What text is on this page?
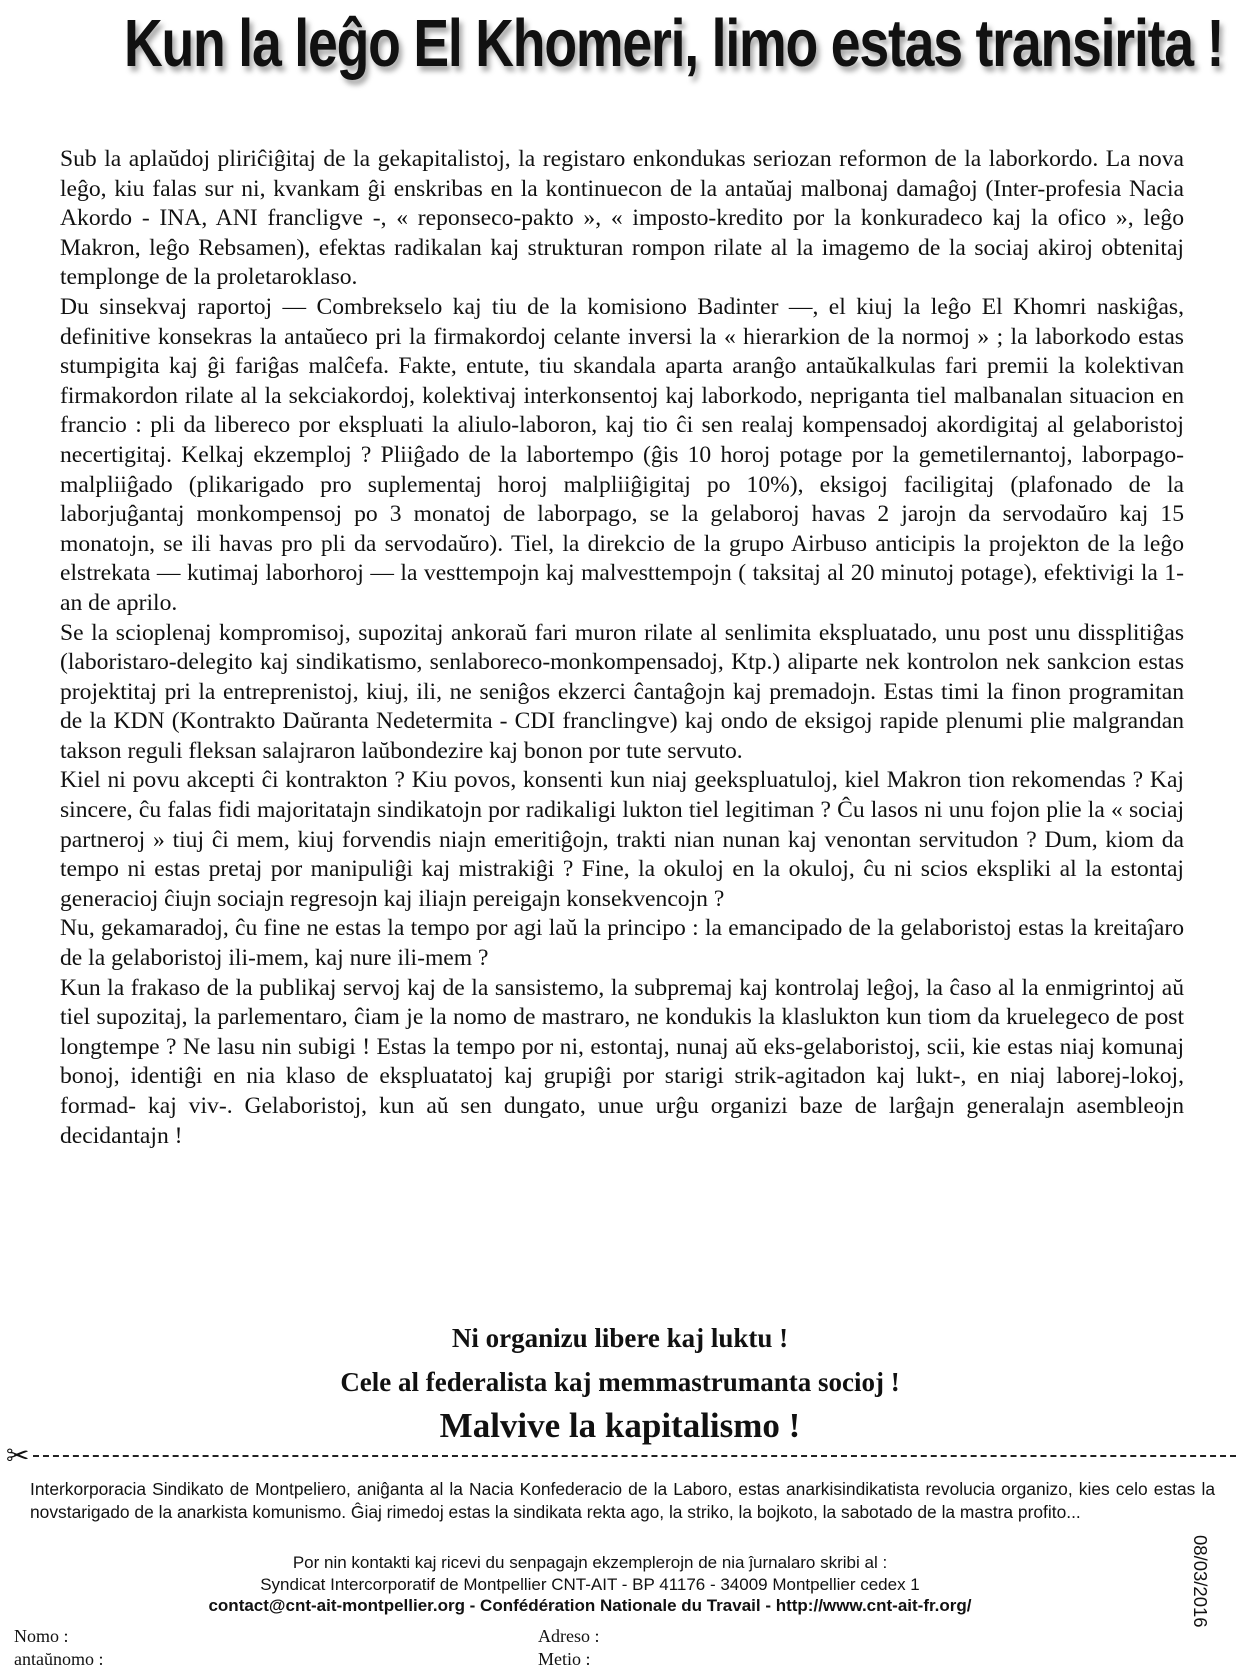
Kun la leĝo El Khomeri, limo estas transirita !

Sub la aplaŭdoj pliriĉiĝitaj de la gekapitalistoj, la registaro enkondukas seriozan reformon de la laborkordo. La nova leĝo, kiu falas sur ni, kvankam ĝi enskribas en la kontinuecon de la antaŭaj malbonaj damaĝoj (Inter-profesia Nacia Akordo - INA, ANI francligve -, « reponseco-pakto », « imposto-kredito por la konkuradeco kaj la ofico », leĝo Makron, leĝo Rebsamen), efektas radikalan kaj strukturan rompon rilate al la imagemo de la sociaj akiroj obtenitaj templonge de la proletaroklaso.

Du sinsekvaj raportoj — Combrekselo kaj tiu de la komisiono Badinter —, el kiuj la leĝo El Khomri naskiĝas, definitive konsekras la antaŭeco pri la firmakordoj celante inversi la « hierarkion de la normoj » ; la laborkodo estas stumpigita kaj ĝi fariĝas malĉefa. Fakte, entute, tiu skandala aparta aranĝo antaŭkalkulas fari premii la kolektivan firmakordon rilate al la sekciakordoj, kolektivaj interkonsentoj kaj laborkodo, nepriganta tiel malbanalan situacion en francio : pli da libereco por ekspluati la aliulo-laboron, kaj tio ĉi sen realaj kompensadoj akordigitaj al gelaboristoj necertigitaj. Kelkaj ekzemploj ? Pliiĝado de la labortempo (ĝis 10 horoj potage por la gemetilernantoj, laborpago-malpliiĝado (plikarigado pro suplementaj horoj malpliiĝigitaj po 10%), eksigoj faciligitaj (plafonado de la laborjuĝantaj monkompensoj po 3 monatoj de laborpago, se la gelaboroj havas 2 jarojn da servodaŭro kaj 15 monatojn, se ili havas pro pli da servodaŭro). Tiel, la direkcio de la grupo Airbuso anticipis la projekton de la leĝo elstrekata — kutimaj laborhoroj — la vesttempojn kaj malvesttempojn ( taksitaj al 20 minutoj potage), efektivigi la 1-an de aprilo.

Se la scioplenaj kompromisoj, supozitaj ankoraŭ fari muron rilate al senlimita ekspluatado, unu post unu dissplitiĝas (laboristaro-delegito kaj sindikatismo, senlaboreco-monkompensadoj, Ktp.) aliparte nek kontrolon nek sankcion estas projektitaj pri la entreprenistoj, kiuj, ili, ne seniĝos ekzerci ĉantaĝojn kaj premadojn. Estas timi la finon programitan de la KDN (Kontrakto Daŭranta Nedetermita - CDI franclingve) kaj ondo de eksigoj rapide plenumi plie malgrandan takson reguli fleksan salajraron laŭbondezire kaj bonon por tute servuto.

Kiel ni povu akcepti ĉi kontrakton ? Kiu povos, konsenti kun niaj geekspluatuloj, kiel Makron tion rekomendas ? Kaj sincere, ĉu falas fidi majoritatajn sindikatojn por radikaligi lukton tiel legitiman ? Ĉu lasos ni unu fojon plie la « sociaj partneroj » tiuj ĉi mem, kiuj forvendis niajn emeritiĝojn, trakti nian nunan kaj venontan servitudon ? Dum, kiom da tempo ni estas pretaj por manipuliĝi kaj mistrakiĝi ? Fine, la okuloj en la okuloj, ĉu ni scios ekspliki al la estontaj generacioj ĉiujn sociajn regresojn kaj iliajn pereigajn konsekvencojn ?

Nu, gekamaradoj, ĉu fine ne estas la tempo por agi laŭ la principo : la emancipado de la gelaboristoj estas la kreitaĵaro de la gelaboristoj ili-mem, kaj nure ili-mem ?

Kun la frakaso de la publikaj servoj kaj de la sansistemo, la subpremaj kaj kontrolaj leĝoj, la ĉaso al la enmigrintoj aŭ tiel supozitaj, la parlementaro, ĉiam je la nomo de mastraro, ne kondukis la klaslukton kun tiom da kruelegeco de post longtempe ? Ne lasu nin subigi ! Estas la tempo por ni, estontaj, nunaj aŭ eks-gelaboristoj, scii, kie estas niaj komunaj bonoj, identiĝi en nia klaso de ekspluatatoj kaj grupiĝi por starigi strik-agitadon kaj lukt-, en niaj laborej-lokoj, formad- kaj viv-. Gelaboristoj, kun aŭ sen dungato, unue urĝu organizi baze de larĝajn generalajn asembleojn decidantajn !

Ni organizu libere kaj luktu !
Cele al federalista kaj memmastrumanta socioj !
Malvive la kapitalismo !
✂
Interkorporacia Sindikato de Montpeliero, aniĝanta al la Nacia Konfederacio de la Laboro, estas anarkisindikatista revolucia organizo, kies celo estas la novstarigado de la anarkista komunismo. Ĝiaj rimedoj estas la sindikata rekta ago, la striko, la bojkoto, la sabotado de la mastra profito...
Por nin kontakti kaj ricevi du senpagajn ekzemplerojn de nia ĵurnalaro skribi al :
Syndicat Intercorporatif de Montpellier CNT-AIT - BP 41176 - 34009 Montpellier cedex 1
contact@cnt-ait-montpellier.org - Confédération Nationale du Travail - http://www.cnt-ait-fr.org/	08/03/2016
Nomo :
antaŭnomo :
Adreso :
Metio :
